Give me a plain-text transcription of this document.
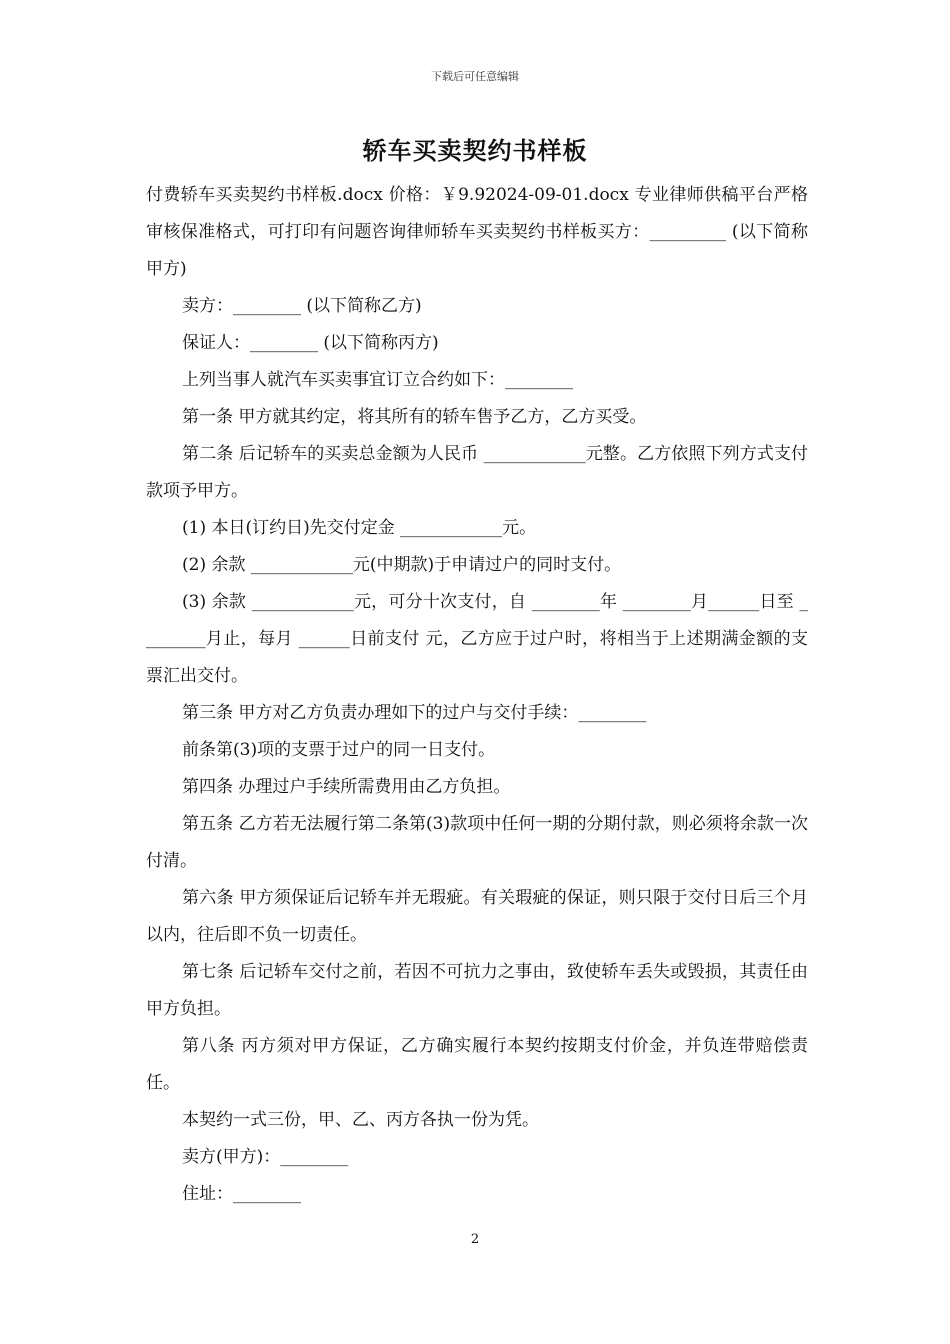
下载后可任意编辑
轿车买卖契约书样板

付费轿车买卖契约书样板.docx 价格：￥9.92024-09-01.docx 专业律师供稿平台严格审核保准格式，可打印有问题咨询律师轿车买卖契约书样板买方：_________ (以下简称甲方)

卖方：________ (以下简称乙方)

保证人：________ (以下简称丙方)

上列当事人就汽车买卖事宜订立合约如下：________

第一条 甲方就其约定，将其所有的轿车售予乙方，乙方买受。

第二条 后记轿车的买卖总金额为人民币 ____________元整。乙方依照下列方式支付款项予甲方。

(1) 本日(订约日)先交付定金 ____________元。

(2) 余款 ____________元(中期款)于申请过户的同时支付。

(3) 余款 ____________元，可分十次支付，自 ________年 ________月______日至 ________月止，每月 ______日前支付 元，乙方应于过户时，将相当于上述期满金额的支票汇出交付。

第三条 甲方对乙方负责办理如下的过户与交付手续：________

前条第(3)项的支票于过户的同一日支付。

第四条 办理过户手续所需费用由乙方负担。

第五条 乙方若无法履行第二条第(3)款项中任何一期的分期付款，则必须将余款一次付清。

第六条 甲方须保证后记轿车并无瑕疵。有关瑕疵的保证，则只限于交付日后三个月以内，往后即不负一切责任。

第七条 后记轿车交付之前，若因不可抗力之事由，致使轿车丢失或毁损，其责任由甲方负担。

第八条 丙方须对甲方保证，乙方确实履行本契约按期支付价金，并负连带赔偿责任。

本契约一式三份，甲、乙、丙方各执一份为凭。

卖方(甲方)：________

住址：________

2
